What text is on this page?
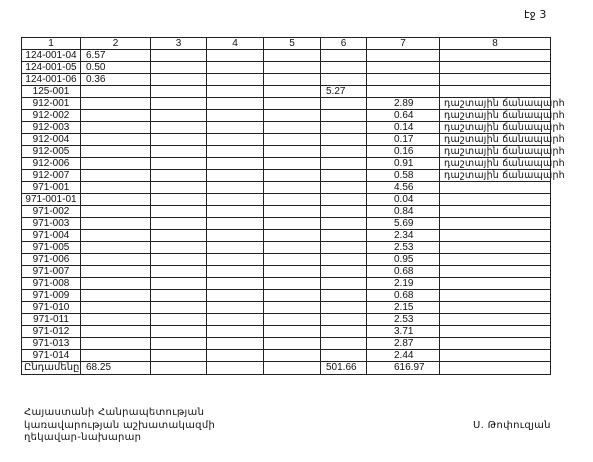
էջ 3
1	2	3	4	5	6	7	8
124-001-04	6.57						
124-001-05	0.50						
124-001-06	0.36						
125-001					5.27		
912-001						2.89	դաշտային ճանապարհ
912-002						0.64	դաշտային ճանապարհ
912-003						0.14	դաշտային ճանապարհ
912-004						0.17	դաշտային ճանապարհ
912-005						0.16	դաշտային ճանապարհ
912-006						0.91	դաշտային ճանապարհ
912-007						0.58	դաշտային ճանապարհ
971-001						4.56	
971-001-01						0.04	
971-002						0.84	
971-003						5.69	
971-004						2.34	
971-005						2.53	
971-006						0.95	
971-007						0.68	
971-008						2.19	
971-009						0.68	
971-010						2.15	
971-011						2.53	
971-012						3.71	
971-013						2.87	
971-014						2.44	
Ընդամենը	68.25				501.66	616.97	
Հայաստանի Հանրապետության
կառավարության աշխատակազմի
ղեկավար-նախարար
Ս. Թոփուզյան
